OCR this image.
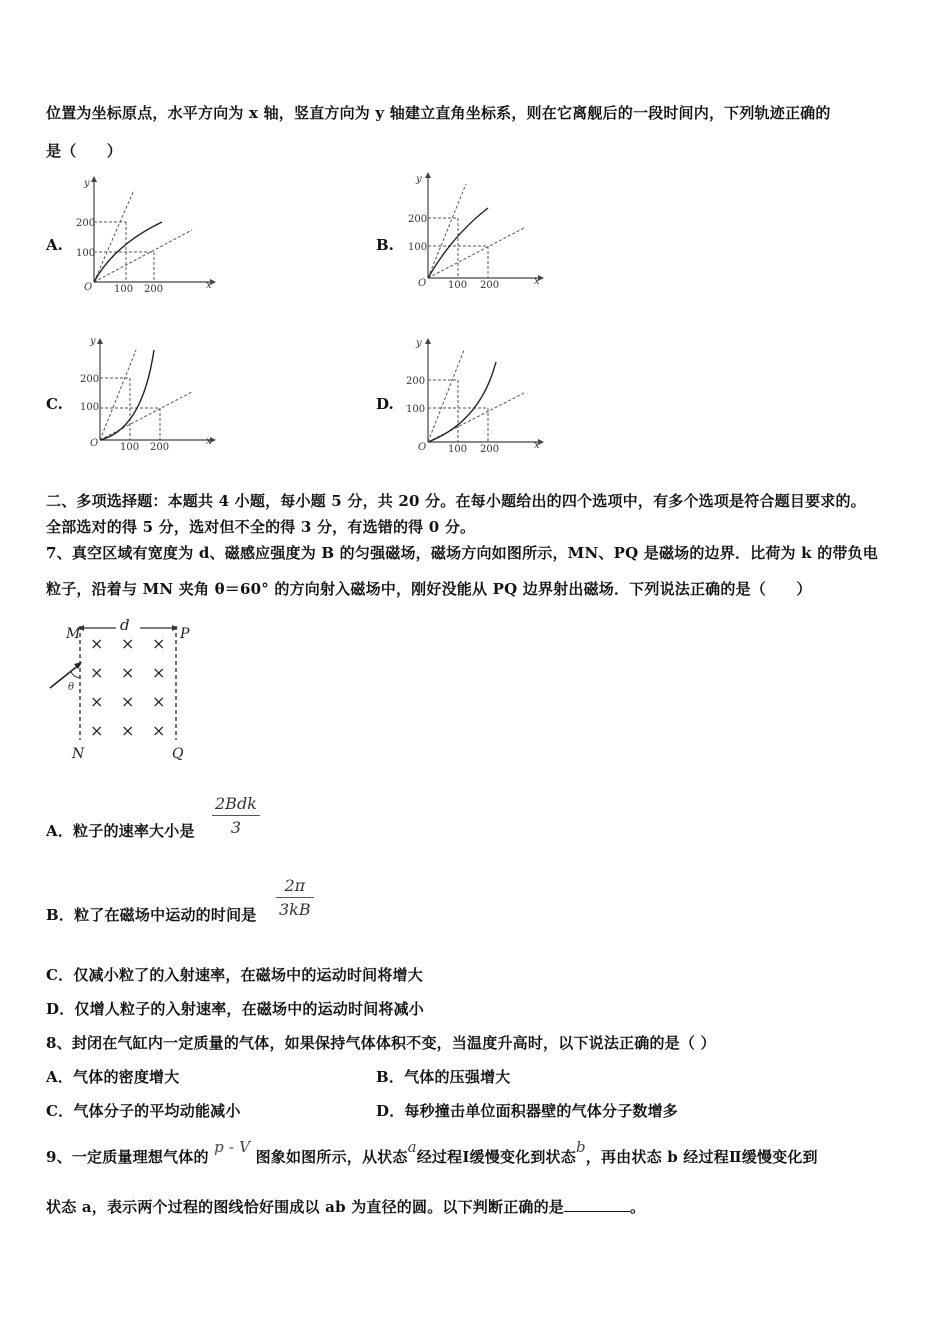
位置为坐标原点，水平方向为 x 轴，竖直方向为 y 轴建立直角坐标系，则在它离舰后的一段时间内，下列轨迹正确的
是（　　）
A.	B.
C.	D.
y
x
O
200
100
100 200
y
x
O
200
100
100 200
y
x
O
200
100
100 200
y
x
O
200
100
100 200
二、多项选择题：本题共 4 小题，每小题 5 分，共 20 分。在每小题给出的四个选项中，有多个选项是符合题目要求的。
全部选对的得 5 分，选对但不全的得 3 分，有选错的得 0 分。
7、真空区域有宽度为 d、磁感应强度为 B 的匀强磁场，磁场方向如图所示，MN、PQ 是磁场的边界．比荷为 k 的带负电
粒子，沿着与 MN 夹角 θ＝60° 的方向射入磁场中，刚好没能从 PQ 边界射出磁场．下列说法正确的是（　　）
d
M	P
N	Q
× × ×
× × ×
× × ×
× × ×
θ
A．粒子的速率大小是
2Bdk
3
B．粒了在磁场中运动的时间是
2π
3kB
C．仅减小粒了的入射速率，在磁场中的运动时间将增大
D．仅增人粒子的入射速率，在磁场中的运动时间将减小
8、封闭在气缸内一定质量的气体，如果保持气体体积不变，当温度升高时，以下说法正确的是（ ）
A．气体的密度增大	B．气体的压强增大
C．气体分子的平均动能减小	D．每秒撞击单位面积器壁的气体分子数增多
9、一定质量理想气体的 p - V 图象如图所示，从状态a经过程Ⅰ缓慢变化到状态b，再由状态 b 经过程Ⅱ缓慢变化到
状态 a，表示两个过程的图线恰好围成以 ab 为直径的圆。以下判断正确的是	。
